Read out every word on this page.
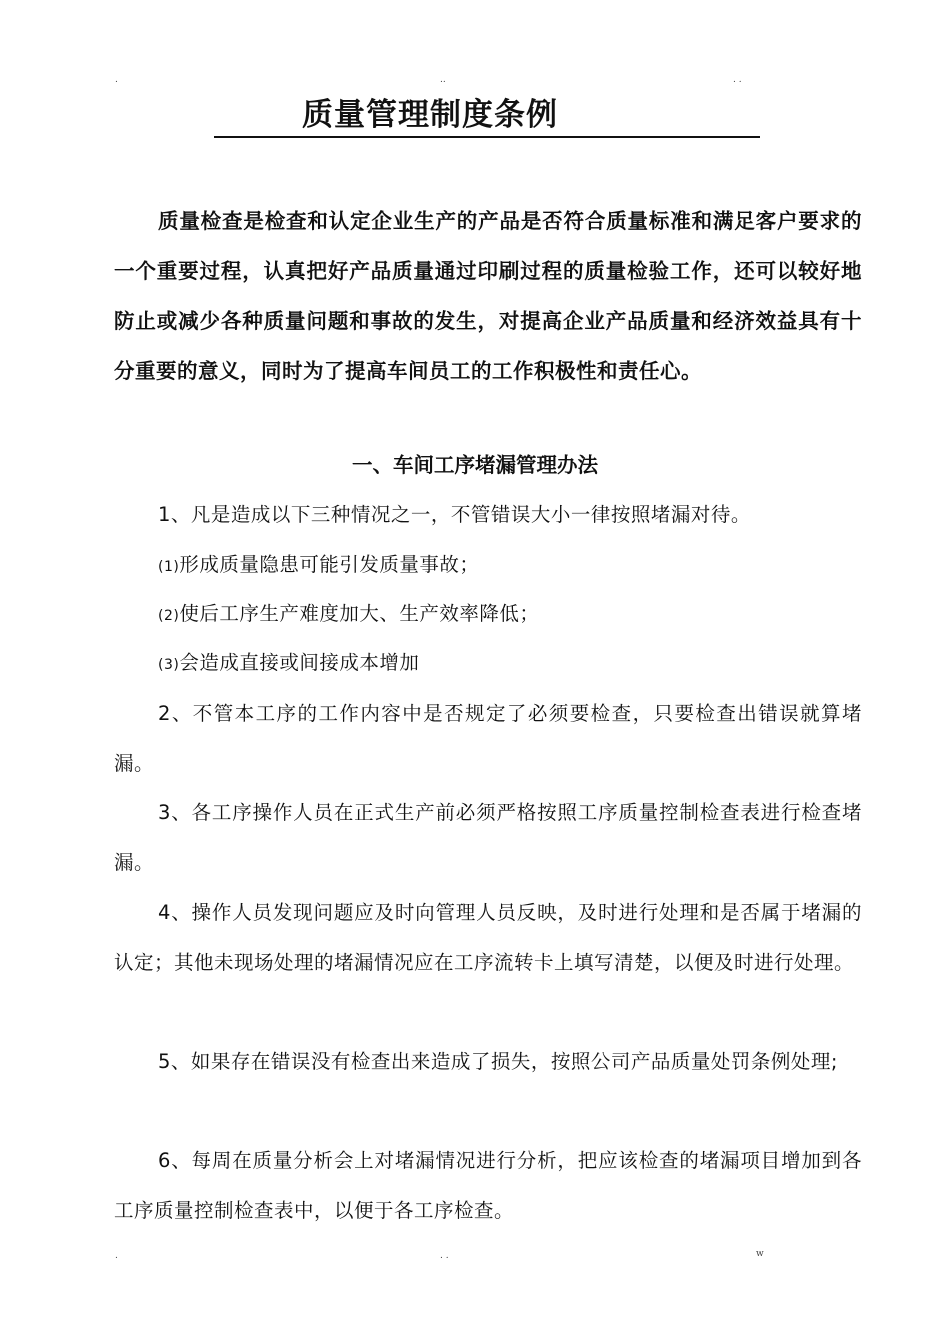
.	..	. .
质量管理制度条例

质量检查是检查和认定企业生产的产品是否符合质量标准和满足客户要求的一个重要过程，认真把好产品质量通过印刷过程的质量检验工作，还可以较好地防止或减少各种质量问题和事故的发生，对提高企业产品质量和经济效益具有十分重要的意义，同时为了提高车间员工的工作积极性和责任心。

一、车间工序堵漏管理办法

1、凡是造成以下三种情况之一，不管错误大小一律按照堵漏对待。

(1)形成质量隐患可能引发质量事故；
(2)使后工序生产难度加大、生产效率降低；
(3)会造成直接或间接成本增加

2、不管本工序的工作内容中是否规定了必须要检查，只要检查出错误就算堵漏。

3、各工序操作人员在正式生产前必须严格按照工序质量控制检查表进行检查堵漏。

4、操作人员发现问题应及时向管理人员反映，及时进行处理和是否属于堵漏的认定；其他未现场处理的堵漏情况应在工序流转卡上填写清楚，以便及时进行处理。

5、如果存在错误没有检查出来造成了损失，按照公司产品质量处罚条例处理;

6、每周在质量分析会上对堵漏情况进行分析，把应该检查的堵漏项目增加到各工序质量控制检查表中，以便于各工序检查。

.	. .	w
